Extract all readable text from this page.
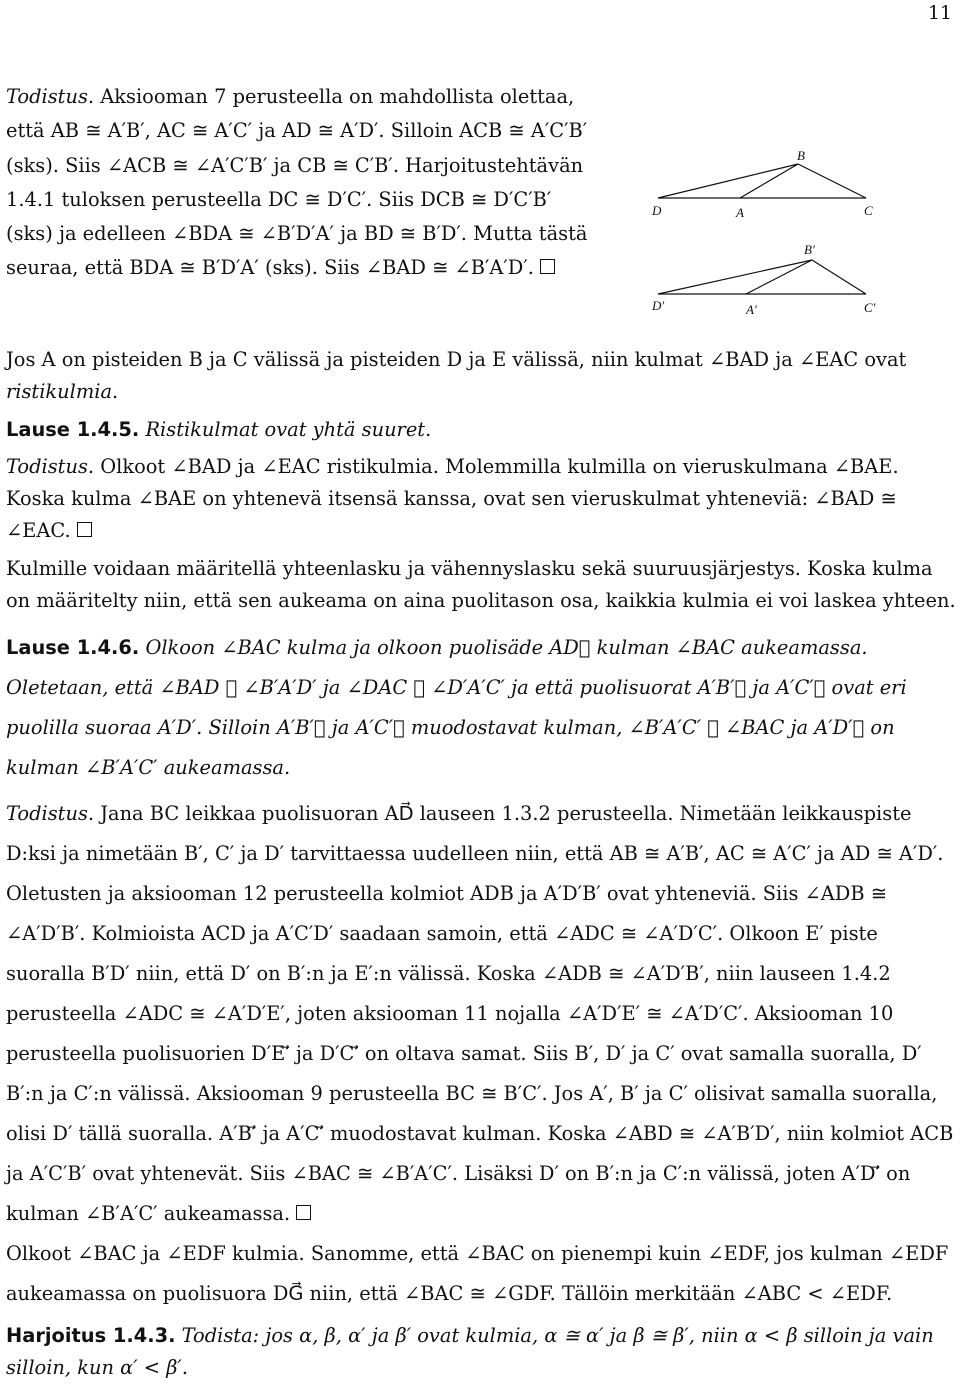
11
Todistus. Aksiooman 7 perusteella on mahdollista olettaa, että AB ≅ A′B′, AC ≅ A′C′ ja AD ≅ A′D′. Silloin ACB ≅ A′C′B′ (sks). Siis ∠ACB ≅ ∠A′C′B′ ja CB ≅ C′B′. Harjoitustehtävän 1.4.1 tuloksen perusteella DC ≅ D′C′. Siis DCB ≅ D′C′B′ (sks) ja edelleen ∠BDA ≅ ∠B′D′A′ ja BD ≅ B′D′. Mutta tästä seuraa, että BDA ≅ B′D′A′ (sks). Siis ∠BAD ≅ ∠B′A′D′.
B
D	A	C
B′
D′	A′	C′

Jos A on pisteiden B ja C välissä ja pisteiden D ja E välissä, niin kulmat ∠BAD ja ∠EAC ovat ristikulmia.

Lause 1.4.5. Ristikulmat ovat yhtä suuret.

Todistus. Olkoot ∠BAD ja ∠EAC ristikulmia. Molemmilla kulmilla on vieruskulmana ∠BAE. Koska kulma ∠BAE on yhtenevä itsensä kanssa, ovat sen vieruskulmat yhteneviä: ∠BAD ≅ ∠EAC.

Kulmille voidaan määritellä yhteenlasku ja vähennyslasku sekä suuruusjärjestys. Koska kulma on määritelty niin, että sen aukeama on aina puolitason osa, kaikkia kulmia ei voi laskea yhteen.

Lause 1.4.6. Olkoon ∠BAC kulma ja olkoon puolisäde AD⃗ kulman ∠BAC aukeamassa. Oletetaan, että ∠BAD ≅ ∠B′A′D′ ja ∠DAC ≅ ∠D′A′C′ ja että puolisuorat A′B′⃗ ja A′C′⃗ ovat eri puolilla suoraa A′D′. Silloin A′B′⃗ ja A′C′⃗ muodostavat kulman, ∠B′A′C′ ≅ ∠BAC ja A′D′⃗ on kulman ∠B′A′C′ aukeamassa.

Todistus. Jana BC leikkaa puolisuoran AD⃗ lauseen 1.3.2 perusteella. Nimetään leikkauspiste D:ksi ja nimetään B′, C′ ja D′ tarvittaessa uudelleen niin, että AB ≅ A′B′, AC ≅ A′C′ ja AD ≅ A′D′. Oletusten ja aksiooman 12 perusteella kolmiot ADB ja A′D′B′ ovat yhteneviä. Siis ∠ADB ≅ ∠A′D′B′. Kolmioista ACD ja A′C′D′ saadaan samoin, että ∠ADC ≅ ∠A′D′C′. Olkoon E′ piste suoralla B′D′ niin, että D′ on B′:n ja E′:n välissä. Koska ∠ADB ≅ ∠A′D′B′, niin lauseen 1.4.2 perusteella ∠ADC ≅ ∠A′D′E′, joten aksiooman 11 nojalla ∠A′D′E′ ≅ ∠A′D′C′. Aksiooman 10 perusteella puolisuorien D′E′⃗ ja D′C′⃗ on oltava samat. Siis B′, D′ ja C′ ovat samalla suoralla, D′ B′:n ja C′:n välissä. Aksiooman 9 perusteella BC ≅ B′C′. Jos A′, B′ ja C′ olisivat samalla suoralla, olisi D′ tällä suoralla. A′B′⃗ ja A′C′⃗ muodostavat kulman. Koska ∠ABD ≅ ∠A′B′D′, niin kolmiot ACB ja A′C′B′ ovat yhtenevät. Siis ∠BAC ≅ ∠B′A′C′. Lisäksi D′ on B′:n ja C′:n välissä, joten A′D′⃗ on kulman ∠B′A′C′ aukeamassa.

Olkoot ∠BAC ja ∠EDF kulmia. Sanomme, että ∠BAC on pienempi kuin ∠EDF, jos kulman ∠EDF aukeamassa on puolisuora DG⃗ niin, että ∠BAC ≅ ∠GDF. Tällöin merkitään ∠ABC < ∠EDF.

Harjoitus 1.4.3. Todista: jos α, β, α′ ja β′ ovat kulmia, α ≅ α′ ja β ≅ β′, niin α < β silloin ja vain silloin, kun α′ < β′.
